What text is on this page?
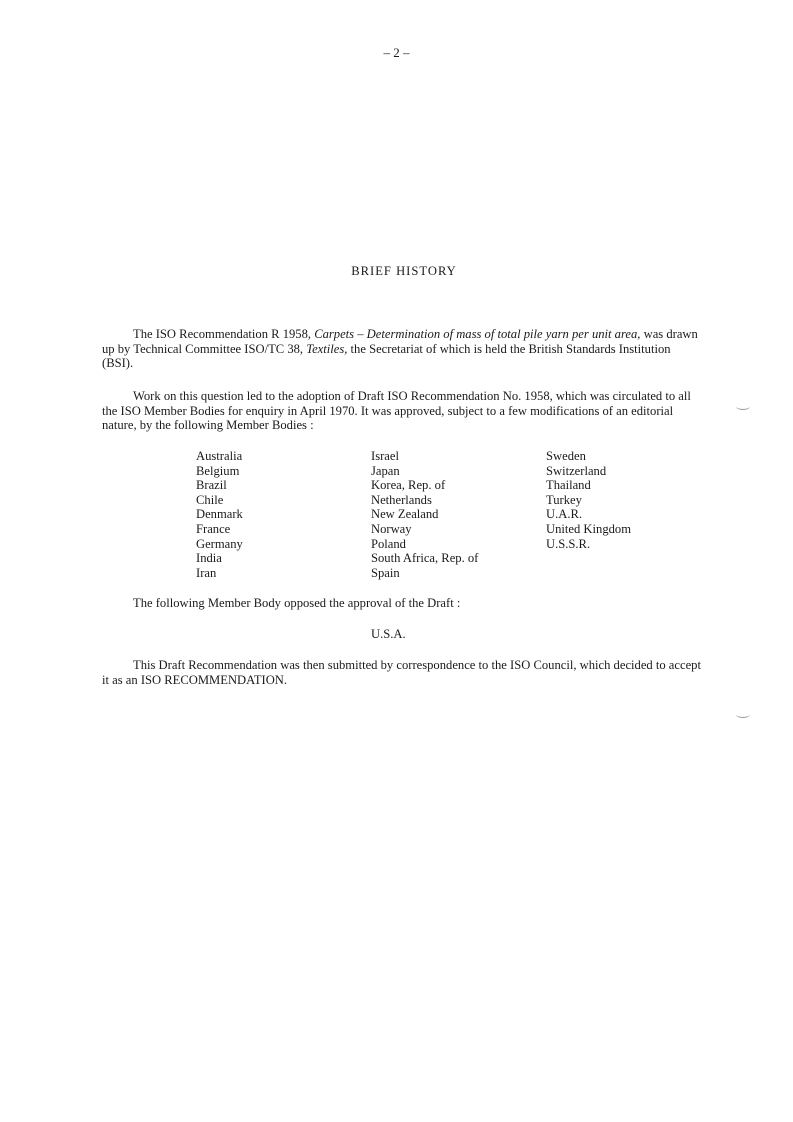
– 2 –
BRIEF HISTORY

The ISO Recommendation R 1958, Carpets – Determination of mass of total pile yarn per unit area, was drawn up by Technical Committee ISO/TC 38, Textiles, the Secretariat of which is held the British Standards Institution (BSI).

Work on this question led to the adoption of Draft ISO Recommendation No. 1958, which was circulated to all the ISO Member Bodies for enquiry in April 1970. It was approved, subject to a few modifications of an editorial nature, by the following Member Bodies :

Australia
Belgium
Brazil
Chile
Denmark
France
Germany
India
Iran
Israel
Japan
Korea, Rep. of
Netherlands
New Zealand
Norway
Poland
South Africa, Rep. of
Spain
Sweden
Switzerland
Thailand
Turkey
U.A.R.
United Kingdom
U.S.S.R.
The following Member Body opposed the approval of the Draft :
U.S.A.

This Draft Recommendation was then submitted by correspondence to the ISO Council, which decided to accept it as an ISO RECOMMENDATION.
